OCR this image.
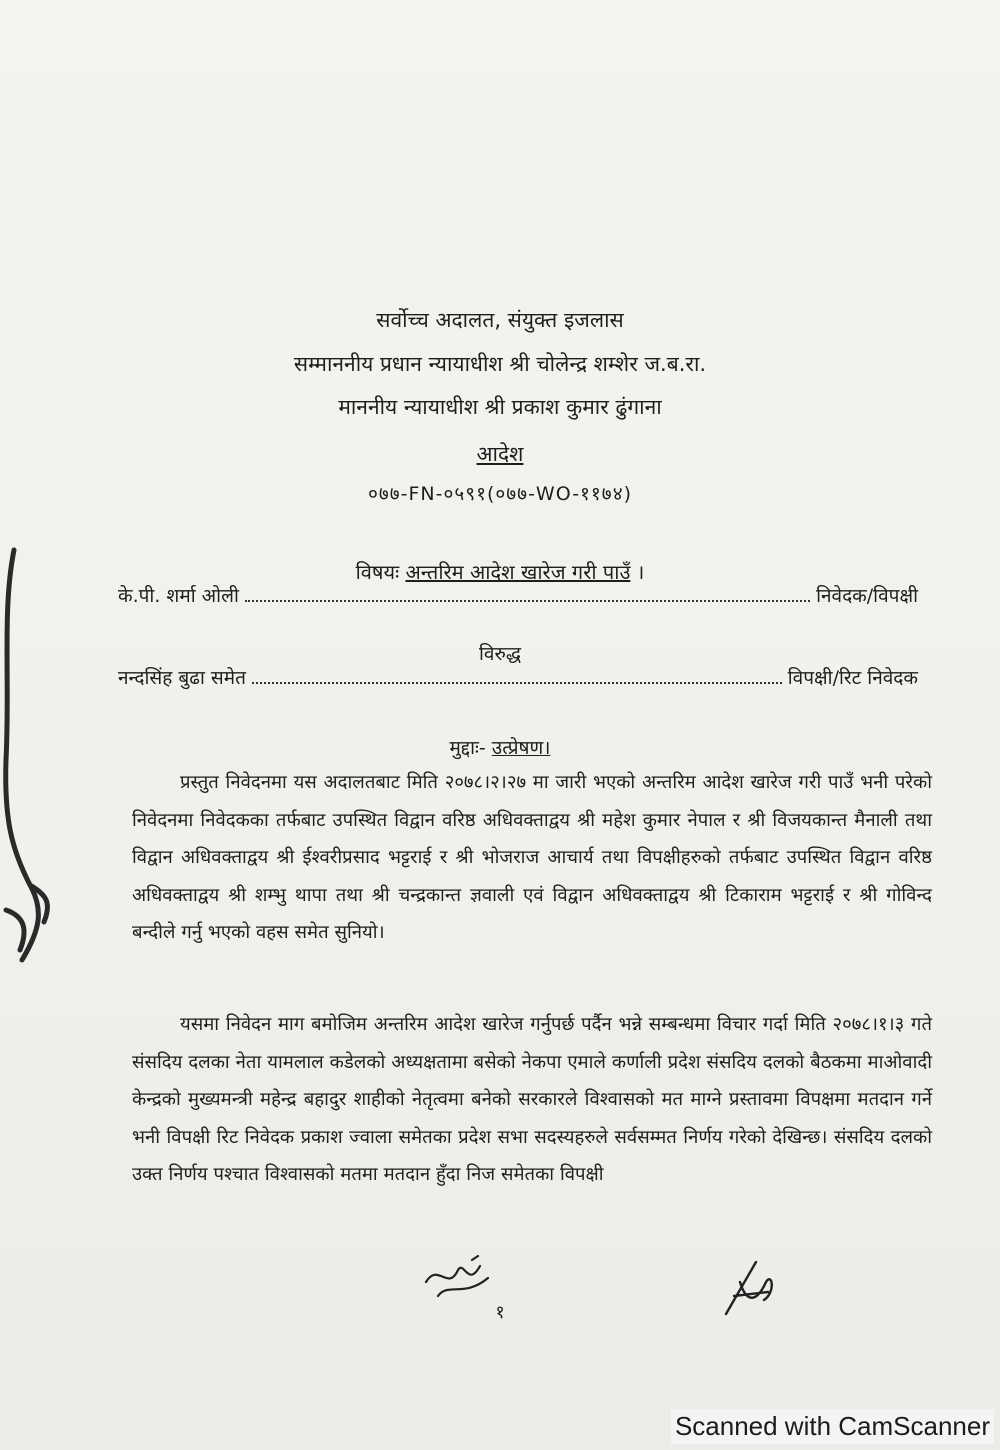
सर्वोच्च अदालत, संयुक्त इजलास
सम्माननीय प्रधान न्यायाधीश श्री चोलेन्द्र शम्शेर ज.ब.रा.
माननीय न्यायाधीश श्री प्रकाश कुमार ढुंगाना
आदेश
०७७-FN-०५९१(०७७-WO-११७४)
विषयः अन्तरिम आदेश खारेज गरी पाउँ ।
के.पी. शर्मा ओली	निवेदक/विपक्षी
विरुद्ध
नन्दसिंह बुढा समेत	विपक्षी/रिट निवेदक
मुद्दाः- उत्प्रेषण।

प्रस्तुत निवेदनमा यस अदालतबाट मिति २०७८।२।२७ मा जारी भएको अन्तरिम आदेश खारेज गरी पाउँ भनी परेको निवेदनमा निवेदकका तर्फबाट उपस्थित विद्वान वरिष्ठ अधिवक्ताद्वय श्री महेश कुमार नेपाल र श्री विजयकान्त मैनाली तथा विद्वान अधिवक्ताद्वय श्री ईश्वरीप्रसाद भट्टराई र श्री भोजराज आचार्य तथा विपक्षीहरुको तर्फबाट उपस्थित विद्वान वरिष्ठ अधिवक्ताद्वय श्री शम्भु थापा तथा श्री चन्द्रकान्त ज्ञवाली एवं विद्वान अधिवक्ताद्वय श्री टिकाराम भट्टराई र श्री गोविन्द बन्दीले गर्नु भएको वहस समेत सुनियो।

यसमा निवेदन माग बमोजिम अन्तरिम आदेश खारेज गर्नुपर्छ पर्दैन भन्ने सम्बन्धमा विचार गर्दा मिति २०७८।१।३ गते संसदिय दलका नेता यामलाल कडेलको अध्यक्षतामा बसेको नेकपा एमाले कर्णाली प्रदेश संसदिय दलको बैठकमा माओवादी केन्द्रको मुख्यमन्त्री महेन्द्र बहादुर शाहीको नेतृत्वमा बनेको सरकारले विश्वासको मत माग्ने प्रस्तावमा विपक्षमा मतदान गर्ने भनी विपक्षी रिट निवेदक प्रकाश ज्वाला समेतका प्रदेश सभा सदस्यहरुले सर्वसम्मत निर्णय गरेको देखिन्छ। संसदिय दलको उक्त निर्णय पश्चात विश्वासको मतमा मतदान हुँदा निज समेतका विपक्षी

१
Scanned with CamScanner
